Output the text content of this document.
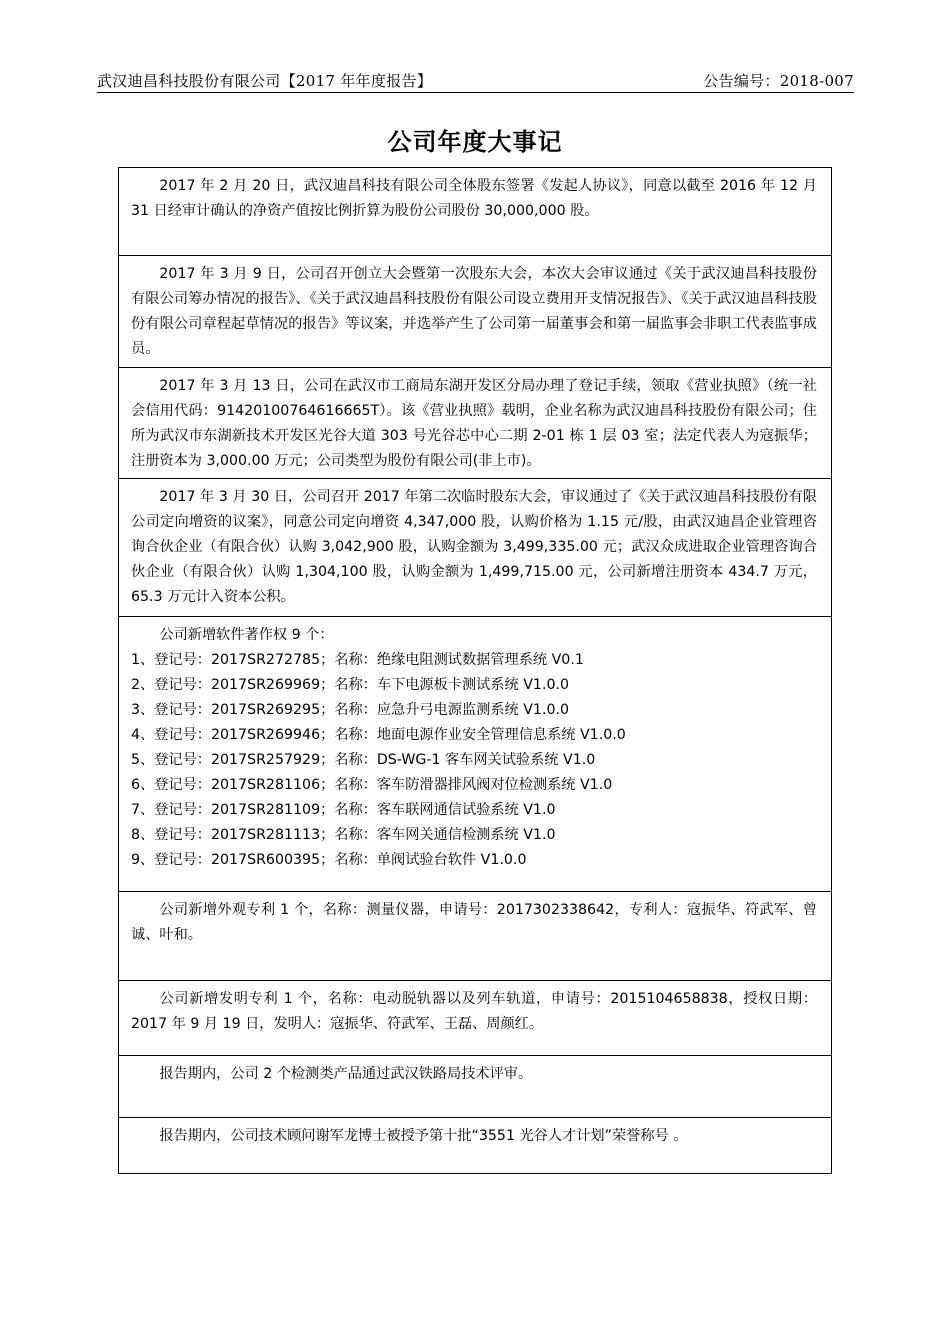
武汉迪昌科技股份有限公司【2017 年年度报告】	公告编号：2018-007
公司年度大事记

2017 年 2 月 20 日，武汉迪昌科技有限公司全体股东签署《发起人协议》，同意以截至 2016 年 12 月 31 日经审计确认的净资产值按比例折算为股份公司股份 30,000,000 股。

2017 年 3 月 9 日，公司召开创立大会暨第一次股东大会，本次大会审议通过《关于武汉迪昌科技股份有限公司筹办情况的报告》、《关于武汉迪昌科技股份有限公司设立费用开支情况报告》、《关于武汉迪昌科技股份有限公司章程起草情况的报告》等议案，并选举产生了公司第一届董事会和第一届监事会非职工代表监事成员。

2017 年 3 月 13 日，公司在武汉市工商局东湖开发区分局办理了登记手续，领取《营业执照》（统一社会信用代码：91420100764616665T）。该《营业执照》载明，企业名称为武汉迪昌科技股份有限公司；住所为武汉市东湖新技术开发区光谷大道 303 号光谷芯中心二期 2-01 栋 1 层 03 室；法定代表人为寇振华；注册资本为 3,000.00 万元；公司类型为股份有限公司(非上市)。

2017 年 3 月 30 日，公司召开 2017 年第二次临时股东大会，审议通过了《关于武汉迪昌科技股份有限公司定向增资的议案》，同意公司定向增资 4,347,000 股，认购价格为 1.15 元/股，由武汉迪昌企业管理咨询合伙企业（有限合伙）认购 3,042,900 股，认购金额为 3,499,335.00 元；武汉众成进取企业管理咨询合伙企业（有限合伙）认购 1,304,100 股，认购金额为 1,499,715.00 元，公司新增注册资本 434.7 万元，65.3 万元计入资本公积。

公司新增软件著作权 9 个：
1、登记号：2017SR272785；名称：绝缘电阻测试数据管理系统 V0.1
2、登记号：2017SR269969；名称：车下电源板卡测试系统 V1.0.0
3、登记号：2017SR269295；名称：应急升弓电源监测系统 V1.0.0
4、登记号：2017SR269946；名称：地面电源作业安全管理信息系统 V1.0.0
5、登记号：2017SR257929；名称：DS-WG-1 客车网关试验系统 V1.0
6、登记号：2017SR281106；名称：客车防滑器排风阀对位检测系统 V1.0
7、登记号：2017SR281109；名称：客车联网通信试验系统 V1.0
8、登记号：2017SR281113；名称：客车网关通信检测系统 V1.0
9、登记号：2017SR600395；名称：单阀试验台软件 V1.0.0

公司新增外观专利 1 个，名称：测量仪器，申请号：2017302338642，专利人：寇振华、符武军、曾诚、叶和。

公司新增发明专利 1 个，名称：电动脱轨器以及列车轨道，申请号：2015104658838，授权日期：2017 年 9 月 19 日，发明人：寇振华、符武军、王磊、周颜红。

报告期内，公司 2 个检测类产品通过武汉铁路局技术评审。

报告期内，公司技术顾问谢军龙博士被授予第十批“3551 光谷人才计划”荣誉称号 。
